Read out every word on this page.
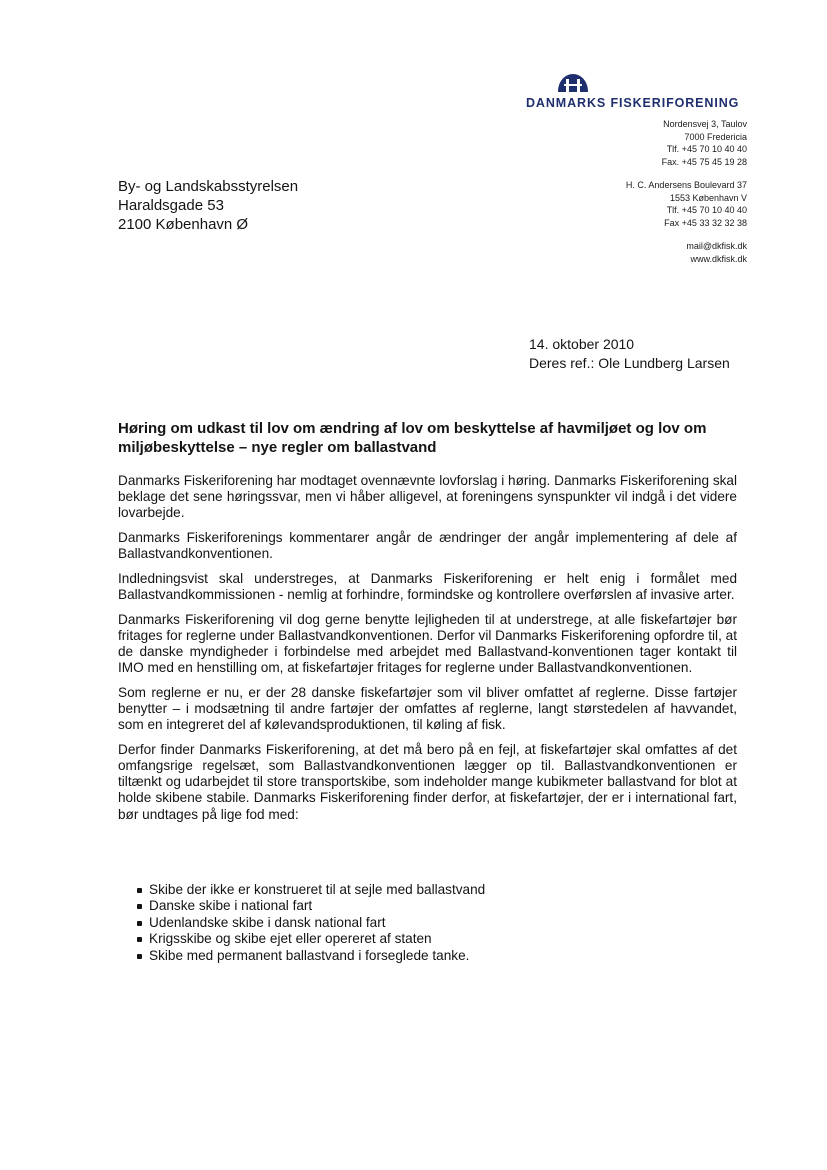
DANMARKS FISKERIFORENING
Nordensvej 3, Taulov
7000 Fredericia
Tlf. +45 70 10 40 40
Fax. +45 75 45 19 28
H. C. Andersens Boulevard 37
1553 København V
Tlf. +45 70 10 40 40
Fax +45 33 32 32 38
mail@dkfisk.dk
www.dkfisk.dk
By- og Landskabsstyrelsen
Haraldsgade 53
2100 København Ø
14. oktober 2010
Deres ref.: Ole Lundberg Larsen
Høring om udkast til lov om ændring af lov om beskyttelse af havmiljøet og lov om miljøbeskyttelse – nye regler om ballastvand

Danmarks Fiskeriforening har modtaget ovennævnte lovforslag i høring. Danmarks Fiskeriforening skal beklage det sene høringssvar, men vi håber alligevel, at foreningens synspunkter vil indgå i det videre lovarbejde.

Danmarks Fiskeriforenings kommentarer angår de ændringer der angår implementering af dele af Ballastvandkonventionen.

Indledningsvist skal understreges, at Danmarks Fiskeriforening er helt enig i formålet med Ballastvandkommissionen - nemlig at forhindre, formindske og kontrollere overførslen af invasive arter.

Danmarks Fiskeriforening vil dog gerne benytte lejligheden til at understrege, at alle fiskefartøjer bør fritages for reglerne under Ballastvandkonventionen. Derfor vil Danmarks Fiskeriforening opfordre til, at de danske myndigheder i forbindelse med arbejdet med Ballastvand-konventionen tager kontakt til IMO med en henstilling om, at fiskefartøjer fritages for reglerne under Ballastvandkonventionen.

Som reglerne er nu, er der 28 danske fiskefartøjer som vil bliver omfattet af reglerne. Disse fartøjer benytter – i modsætning til andre fartøjer der omfattes af reglerne, langt størstedelen af havvandet, som en integreret del af kølevandsproduktionen, til køling af fisk.

Derfor finder Danmarks Fiskeriforening, at det må bero på en fejl, at fiskefartøjer skal omfattes af det omfangsrige regelsæt, som Ballastvandkonventionen lægger op til. Ballastvandkonventionen er tiltænkt og udarbejdet til store transportskibe, som indeholder mange kubikmeter ballastvand for blot at holde skibene stabile. Danmarks Fiskeriforening finder derfor, at fiskefartøjer, der er i international fart, bør undtages på lige fod med:

Skibe der ikke er konstrueret til at sejle med ballastvand
Danske skibe i national fart
Udenlandske skibe i dansk national fart
Krigsskibe og skibe ejet eller opereret af staten
Skibe med permanent ballastvand i forseglede tanke.
